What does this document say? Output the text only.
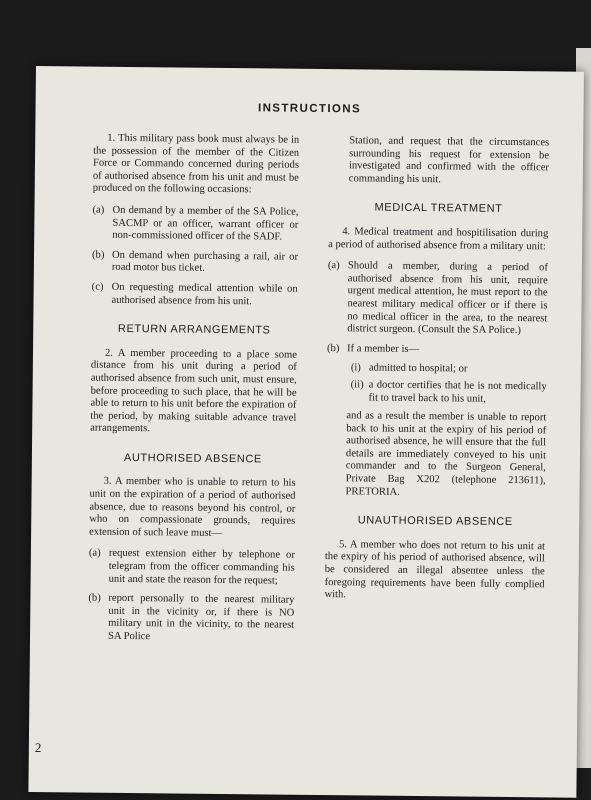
INSTRUCTIONS

1. This military pass book must always be in the possession of the member of the Citizen Force or Commando concerned during periods of authorised absence from his unit and must be produced on the following occasions:

(a) On demand by a member of the SA Police, SACMP or an officer, warrant officer or non-commissioned officer of the SADF.
(b) On demand when purchasing a rail, air or road motor bus ticket.
(c) On requesting medical attention while on authorised absence from his unit.
RETURN ARRANGEMENTS

2. A member proceeding to a place some distance from his unit during a period of authorised absence from such unit, must ensure, before proceeding to such place, that he will be able to return to his unit before the expiration of the period, by making suitable advance travel arrangements.

AUTHORISED ABSENCE

3. A member who is unable to return to his unit on the expiration of a period of authorised absence, due to reasons beyond his control, or who on compassionate grounds, requires extension of such leave must—

(a) request extension either by telephone or telegram from the officer commanding his unit and state the reason for the request;
(b) report personally to the nearest military unit in the vicinity or, if there is NO military unit in the vicinity, to the nearest SA Police

Station, and request that the circumstances surrounding his request for extension be investigated and confirmed with the officer commanding his unit.

MEDICAL TREATMENT

4. Medical treatment and hospitilisation during a period of authorised absence from a military unit:

(a) Should a member, during a period of authorised absence from his unit, require urgent medical attention, he must report to the nearest military medical officer or if there is no medical officer in the area, to the nearest district surgeon. (Consult the SA Police.)
(b) If a member is—
(i) admitted to hospital; or
(ii) a doctor certifies that he is not medically fit to travel back to his unit,

and as a result the member is unable to report back to his unit at the expiry of his period of authorised absence, he will ensure that the full details are immediately conveyed to his unit commander and to the Surgeon General, Private Bag X202 (telephone 213611), PRETORIA.

UNAUTHORISED ABSENCE

5. A member who does not return to his unit at the expiry of his period of authorised absence, will be considered an illegal absentee unless the foregoing requirements have been fully complied with.

2
